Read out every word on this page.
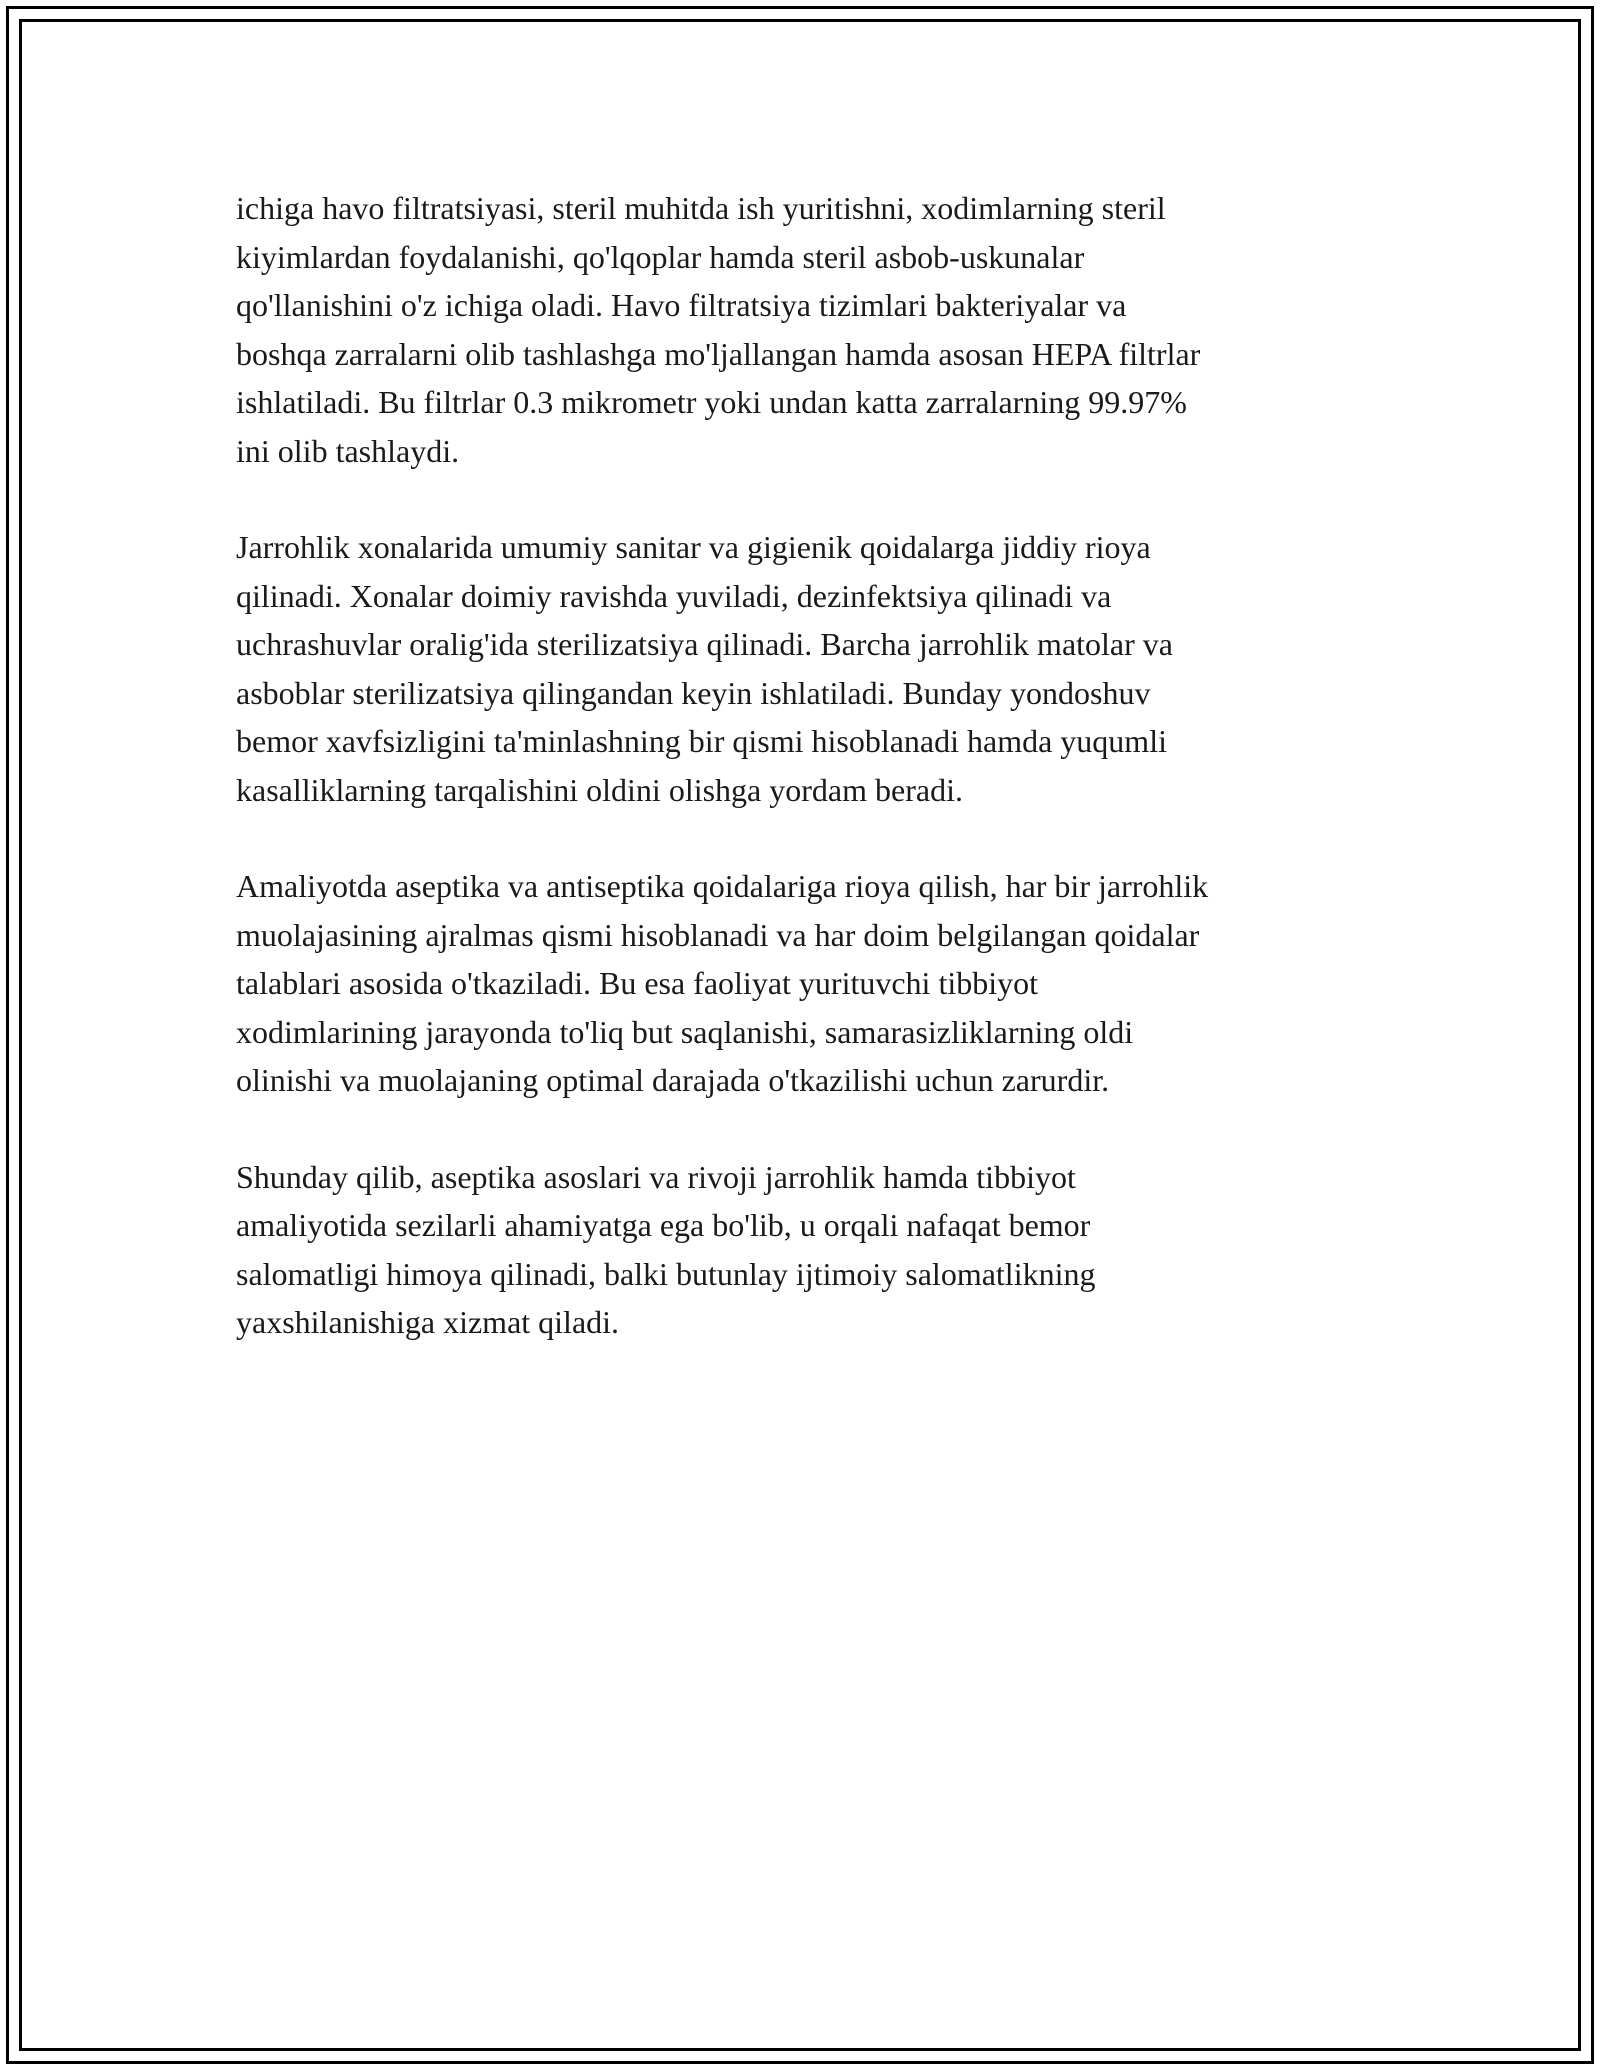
ichiga havo filtratsiyasi, steril muhitda ish yuritishni, xodimlarning steril
kiyimlardan foydalanishi, qo'lqoplar hamda steril asbob-uskunalar
qo'llanishini o'z ichiga oladi. Havo filtratsiya tizimlari bakteriyalar va
boshqa zarralarni olib tashlashga mo'ljallangan hamda asosan HEPA filtrlar
ishlatiladi. Bu filtrlar 0.3 mikrometr yoki undan katta zarralarning 99.97%
ini olib tashlaydi.

Jarrohlik xonalarida umumiy sanitar va gigienik qoidalarga jiddiy rioya
qilinadi. Xonalar doimiy ravishda yuviladi, dezinfektsiya qilinadi va
uchrashuvlar oralig'ida sterilizatsiya qilinadi. Barcha jarrohlik matolar va
asboblar sterilizatsiya qilingandan keyin ishlatiladi. Bunday yondoshuv
bemor xavfsizligini ta'minlashning bir qismi hisoblanadi hamda yuqumli
kasalliklarning tarqalishini oldini olishga yordam beradi.

Amaliyotda aseptika va antiseptika qoidalariga rioya qilish, har bir jarrohlik
muolajasining ajralmas qismi hisoblanadi va har doim belgilangan qoidalar
talablari asosida o'tkaziladi. Bu esa faoliyat yurituvchi tibbiyot
xodimlarining jarayonda to'liq but saqlanishi, samarasizliklarning oldi
olinishi va muolajaning optimal darajada o'tkazilishi uchun zarurdir.

Shunday qilib, aseptika asoslari va rivoji jarrohlik hamda tibbiyot
amaliyotida sezilarli ahamiyatga ega bo'lib, u orqali nafaqat bemor
salomatligi himoya qilinadi, balki butunlay ijtimoiy salomatlikning
yaxshilanishiga xizmat qiladi.
